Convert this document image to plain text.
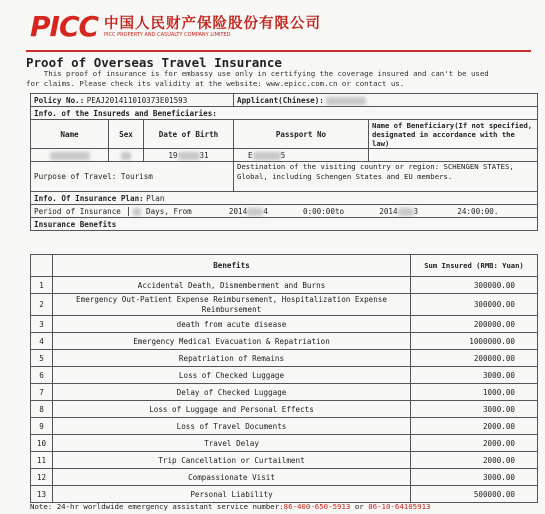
PICC 中国人民财产保险股份有限公司
PICC PROPERTY AND CASUALTY COMPANY LIMITED
Proof of Overseas Travel Insurance
This proof of insurance is for embassy use only in certifying the coverage insured and can't be used
for claims. Please check its validity at the website: www.epicc.com.cn or contact us.
Policy No.: PEAJ201411010373E01593			Applicant(Chinese):	
Info. of the Insureds and Beneficiaries:				
Name	Sex	Date of Birth	Passport No	Name of Beneficiary(If not specified, designated in accordance with the law)
		19 31	E 5	
Purpose of Travel: Tourism			Destination of the visiting country or region: SCHENGEN STATES, Global, including Schengen States and EU members.	
Info. Of Insurance Plan: Plan				
Period of Insurance Days, From 2014 4 0:00:00to 2014 3 24:00:00.				
Insurance Benefits				
	Benefits	Sum Insured (RMB: Yuan)
1	Accidental Death, Dismemberment and Burns	300000.00
2	Emergency Out-Patient Expense Reimbursement, Hospitalization Expense Reimbursement	300000.00
3	death from acute disease	200000.00
4	Emergency Medical Evacuation & Repatriation	1000000.00
5	Repatriation of Remains	200000.00
6	Loss of Checked Luggage	3000.00
7	Delay of Checked Luggage	1000.00
8	Loss of Luggage and Personal Effects	3000.00
9	Loss of Travel Documents	2000.00
10	Travel Delay	2000.00
11	Trip Cancellation or Curtailment	2000.00
12	Compassionate Visit	3000.00
13	Personal Liability	500000.00
Note: 24-hr worldwide emergency assistant service number:86-400-650-5913 or 86-10-64105913
